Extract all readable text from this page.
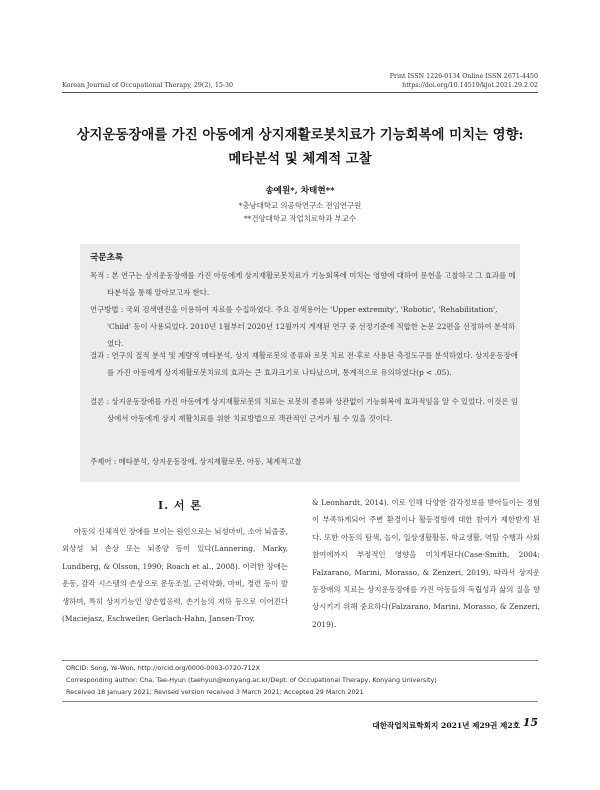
Korean Journal of Occupational Therapy, 29(2), 15-30
Print ISSN 1226-0134 Online ISSN 2671-4450
https://doi.org/10.14519/kjot.2021.29.2.02
상지운동장애를 가진 아동에게 상지재활로봇치료가 기능회복에 미치는 영향:
메타분석 및 체계적 고찰
송예원*, 차태현**
*충남대학교 의공학연구소 전임연구원
**건양대학교 작업치료학과 부교수
국문초록
목적 : 본 연구는 상지운동장애를 가진 아동에게 상지재활로봇치료가 기능회복에 미치는 영향에 대하여 문헌을 고찰하고 그 효과를 메타분석을 통해 알아보고자 한다.
연구방법 : 국외 검색엔진을 이용하여 자료를 수집하였다. 주요 검색용어는 'Upper extremity', 'Robotic', 'Rehabilitation', 'Child' 등이 사용되었다. 2010년 1월부터 2020년 12월까지 게재된 연구 중 선정기준에 적합한 논문 22편을 선정하여 분석하였다.
결과 : 연구의 질적 분석 및 계량적 메타분석, 상지 재활로봇의 종류와 로봇 치료 전·후로 사용된 측정도구를 분석하였다. 상지운동장애를 가진 아동에게 상지재활로봇치료의 효과는 큰 효과크기로 나타났으며, 통계적으로 유의하였다(p < .05).
결론 : 상지운동장애를 가진 아동에게 상지재활로봇의 치료는 로봇의 종류와 상관없이 기능회복에 효과적임을 알 수 있었다. 이것은 임상에서 아동에게 상지 재활치료를 위한 치료방법으로 객관적인 근거가 될 수 있을 것이다.
주제어 : 메타분석, 상지운동장애, 상지재활로봇, 아동, 체계적고찰
Ⅰ. 서 론
아동의 신체적인 장애를 보이는 원인으로는 뇌성마비, 소아 뇌졸중, 외상성 뇌 손상 또는 뇌종양 등이 있다(Lannering, Marky, Lundberg, & Olsson, 1990; Roach et al., 2008). 이러한 장애는 운동, 감각 시스템의 손상으로 운동조절, 근력약화, 마비, 경련 등이 발생하며, 특히 상지기능인 양손협응력, 손기능의 저하 등으로 이어진다(Maciejasz, Eschweiler, Gerlach-Hahn, Jansen-Troy,
& Leonhardt, 2014). 이로 인해 다양한 감각정보를 받아들이는 경험이 부족하게되어 주변 환경이나 활동경험에 대한 참여가 제한받게 된다. 또한 아동의 탐색, 놀이, 일상생활활동, 학교생활, 역할 수행과 사회참여에까지 부정적인 영향을 미치게된다(Case-Smith, 2004; Falzarano, Marini, Morasso, & Zenzeri, 2019). 따라서 상지운동장애의 치료는 상지운동장애를 가진 아동들의 독립성과 삶의 질을 향상시키기 위해 중요하다(Falzarano, Marini, Morasso, & Zenzeri, 2019).
ORCID: Song, Ye-Won, http://orcid.org/0000-0003-0720-712X
Corresponding author: Cha, Tae-Hyun (taehyun@konyang.ac.kr/Dept. of Occupational Therapy, Konyang University)
Received 18 January 2021; Revised version received 3 March 2021; Accepted 29 March 2021
대한작업치료학회지 2021년 제29권 제2호 15
